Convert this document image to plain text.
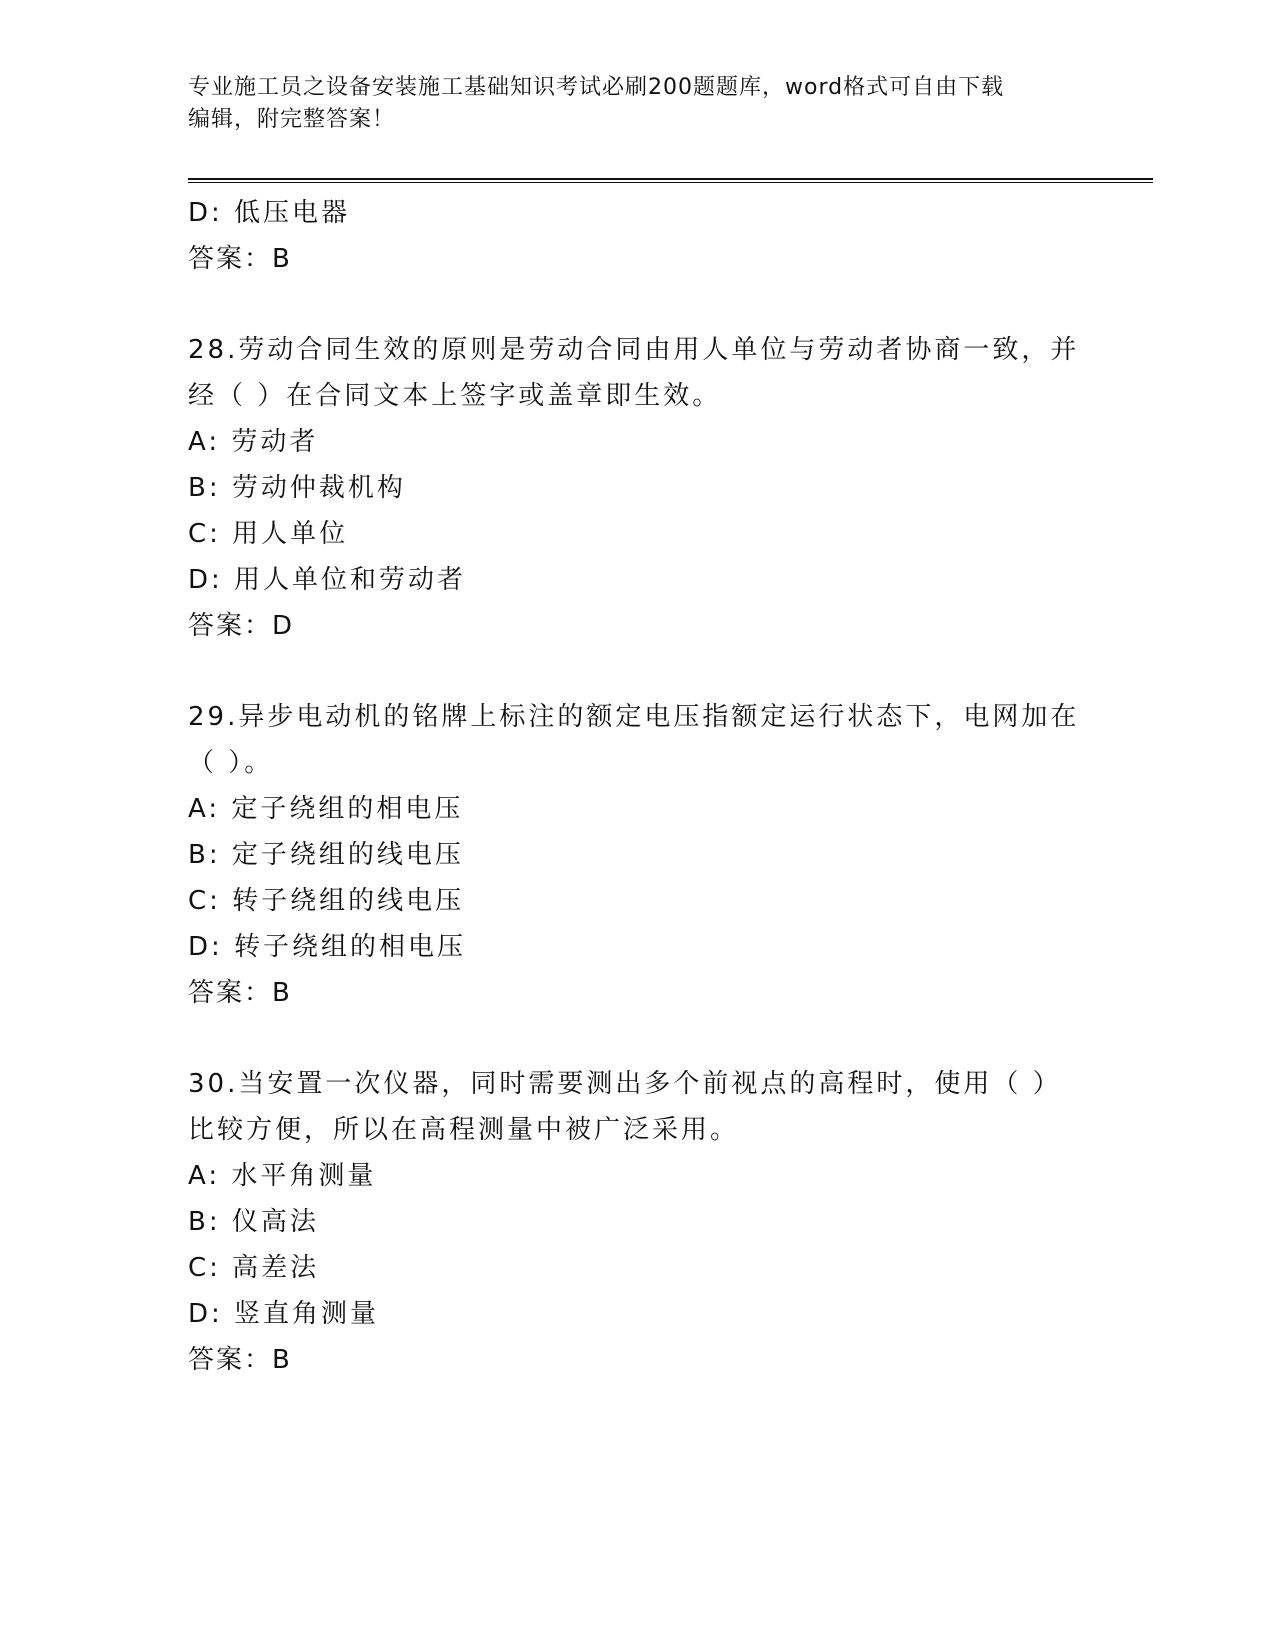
专业施工员之设备安装施工基础知识考试必刷200题题库，word格式可自由下载
编辑，附完整答案！
D: 低压电器
答案：B
28.劳动合同生效的原则是劳动合同由用人单位与劳动者协商一致，并
经（ ）在合同文本上签字或盖章即生效。
A: 劳动者
B: 劳动仲裁机构
C: 用人单位
D: 用人单位和劳动者
答案：D
29.异步电动机的铭牌上标注的额定电压指额定运行状态下，电网加在
（ ）。
A: 定子绕组的相电压
B: 定子绕组的线电压
C: 转子绕组的线电压
D: 转子绕组的相电压
答案：B
30.当安置一次仪器，同时需要测出多个前视点的高程时，使用（ ）
比较方便，所以在高程测量中被广泛采用。
A: 水平角测量
B: 仪高法
C: 高差法
D: 竖直角测量
答案：B
